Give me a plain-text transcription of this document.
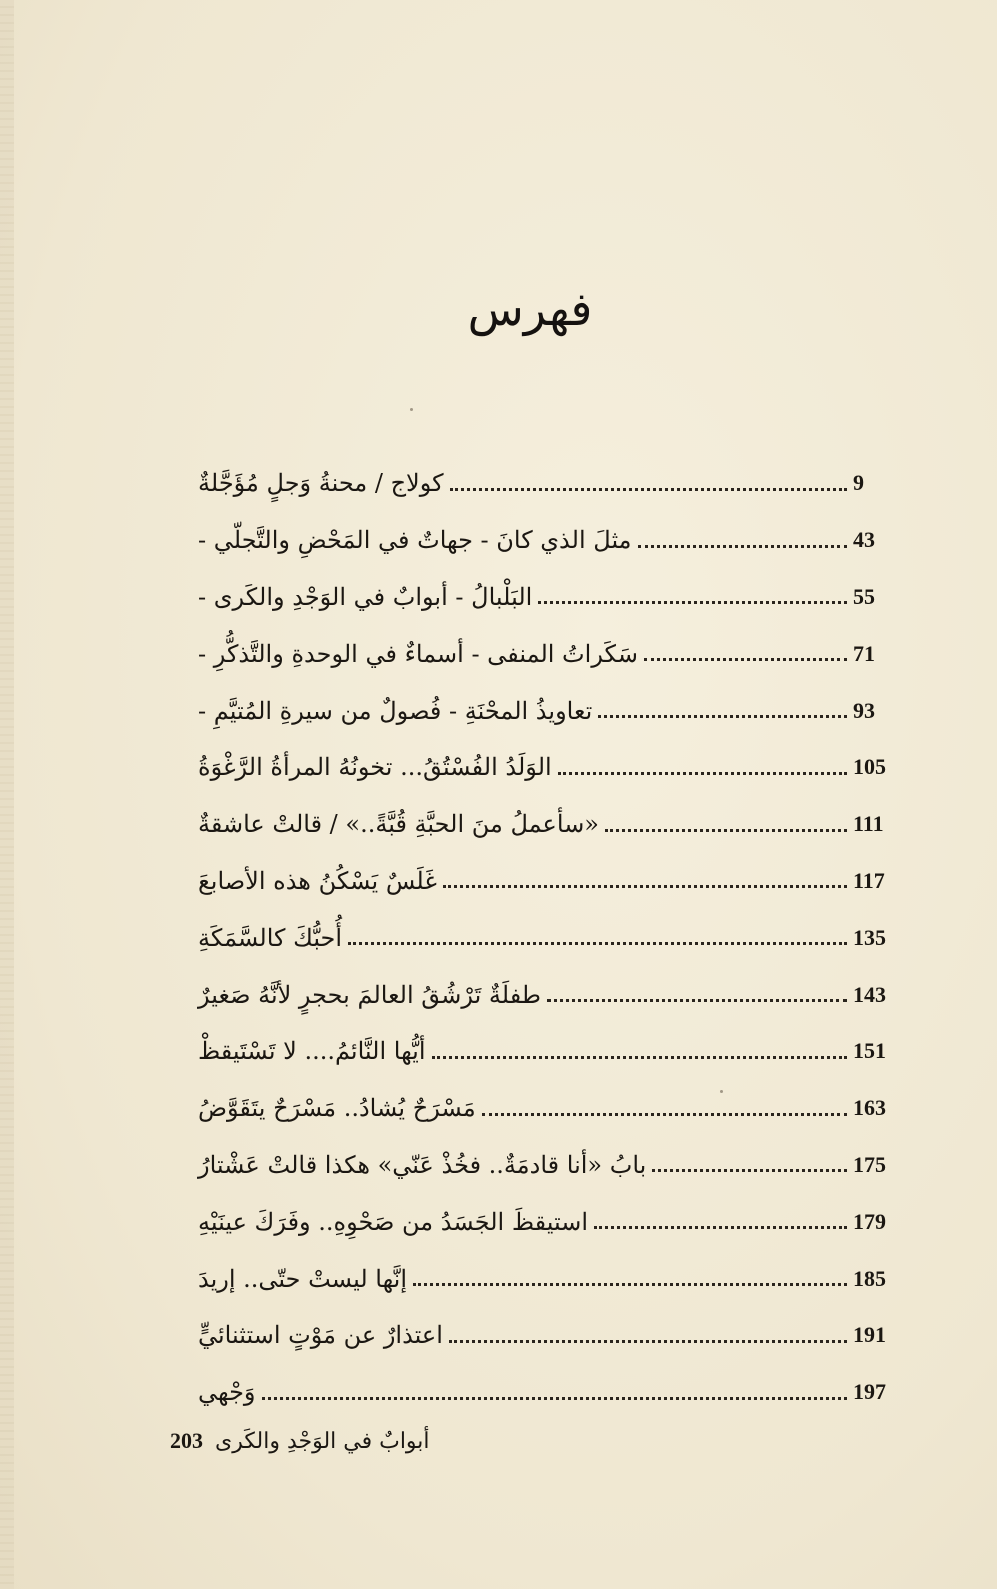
فهرس
كولاج / محنةُ وَجلٍ مُؤَجَّلةٌ	9
مثلَ الذي كانَ - جهاتٌ في المَحْضِ والتَّجلّي -	43
البَلْبالُ - أبوابٌ في الوَجْدِ والكَرى -	55
سَكَراتُ المنفى - أسماءٌ في الوحدةِ والتَّذكُّرِ -	71
تعاويذُ المحْنَةِ - فُصولٌ من سيرةِ المُتيَّمِ -	93
الوَلَدُ الفُسْتُقُ... تخونُهُ المرأةُ الرَّغْوَةُ	105
«سأعملُ منَ الحبَّةِ قُبَّةً..» / قالتْ عاشقةٌ	111
غَلَسٌ يَسْكُنُ هذه الأصابعَ	117
أُحبُّكَ كالسَّمَكَةِ	135
طفلَةٌ تَرْشُقُ العالمَ بحجرٍ لأنَّهُ صَغيرٌ	143
أيُّها النَّائمُ.... لا تَسْتَيقظْ	151
مَسْرَحٌ يُشادُ.. مَسْرَحٌ يتَقَوَّضُ	163
بابُ «أنا قادمَةٌ.. فخُذْ عَنّي» هكذا قالتْ عَشْتارُ	175
استيقظَ الجَسَدُ من صَحْوِهِ.. وفَرَكَ عينَيْهِ	179
إنَّها ليستْ حتّى.. إريدَ	185
اعتذارٌ عن مَوْتٍ استثنائيٍّ	191
وَجْهي	197
203 أبوابٌ في الوَجْدِ والكَرى
